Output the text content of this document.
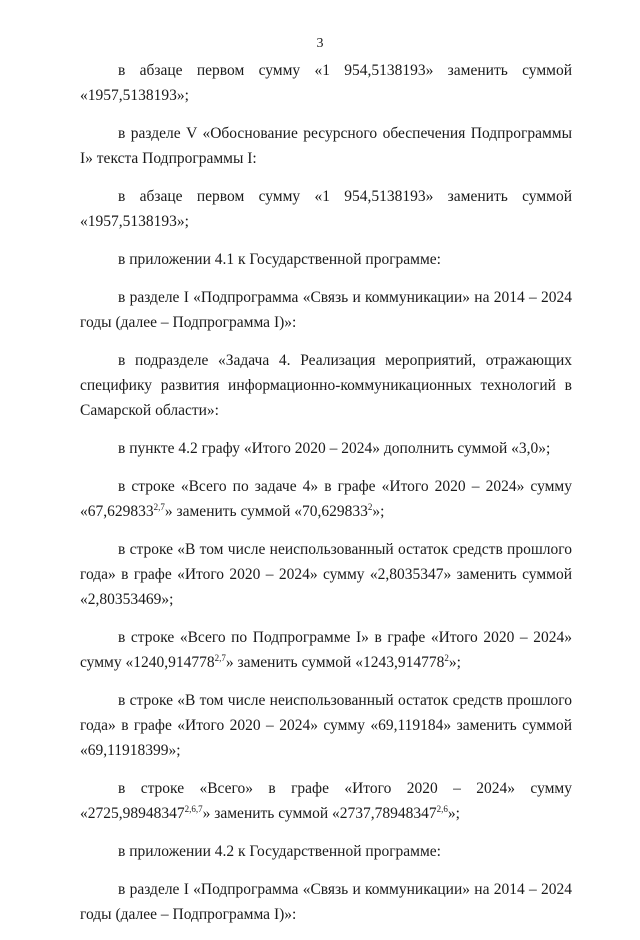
3

в абзаце первом сумму «1 954,5138193» заменить суммой «1957,5138193»;

в разделе V «Обоснование ресурсного обеспечения Подпрограммы I» текста Подпрограммы I:

в абзаце первом сумму «1 954,5138193» заменить суммой «1957,5138193»;

в приложении 4.1 к Государственной программе:

в разделе I «Подпрограмма «Связь и коммуникации» на 2014 – 2024 годы (далее – Подпрограмма I)»:

в подразделе «Задача 4. Реализация мероприятий, отражающих специфику развития информационно-коммуникационных технологий в Самарской области»:

в пункте 4.2 графу «Итого 2020 – 2024» дополнить суммой «3,0»;

в строке «Всего по задаче 4» в графе «Итого 2020 – 2024» сумму «67,629833$^{2,7}$» заменить суммой «70,629833$^2$»;

в строке «В том числе неиспользованный остаток средств прошлого года» в графе «Итого 2020 – 2024» сумму «2,8035347» заменить суммой «2,80353469»;

в строке «Всего по Подпрограмме I» в графе «Итого 2020 – 2024» сумму «1240,914778$^{2,7}$» заменить суммой «1243,914778$^2$»;

в строке «В том числе неиспользованный остаток средств прошлого года» в графе «Итого 2020 – 2024» сумму «69,119184» заменить суммой «69,11918399»;

в строке «Всего» в графе «Итого 2020 – 2024» сумму «2725,98948347$^{2,6,7}$» заменить суммой «2737,78948347$^{2,6}$»;

в приложении 4.2 к Государственной программе:

в разделе I «Подпрограмма «Связь и коммуникации» на 2014 – 2024 годы (далее – Подпрограмма I)»:
